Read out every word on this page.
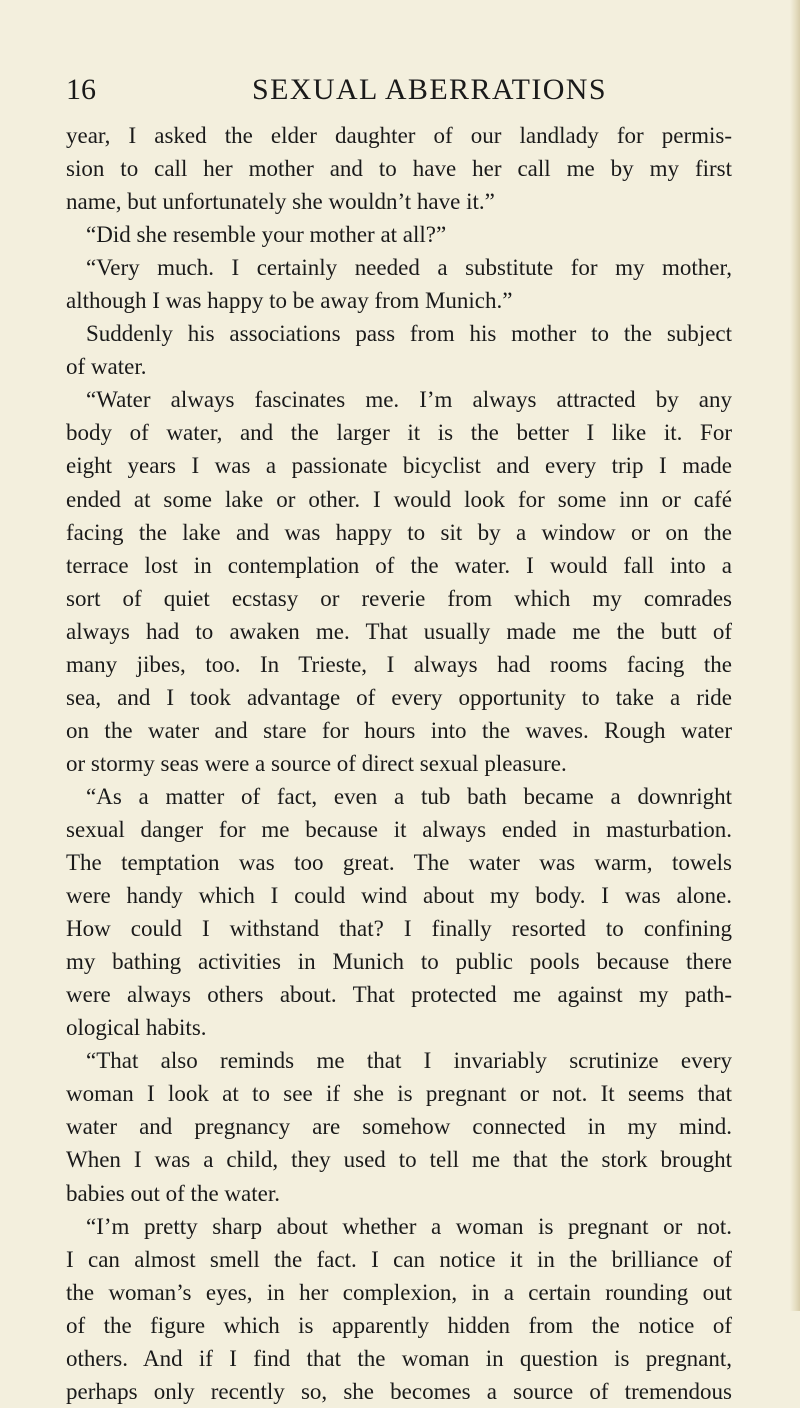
16	SEXUAL ABERRATIONS
year, I asked the elder daughter of our landlady for permis-
sion to call her mother and to have her call me by my first
name, but unfortunately she wouldn’t have it.”
“Did she resemble your mother at all?”
“Very much. I certainly needed a substitute for my mother,
although I was happy to be away from Munich.”
Suddenly his associations pass from his mother to the subject
of water.
“Water always fascinates me. I’m always attracted by any
body of water, and the larger it is the better I like it. For
eight years I was a passionate bicyclist and every trip I made
ended at some lake or other. I would look for some inn or café
facing the lake and was happy to sit by a window or on the
terrace lost in contemplation of the water. I would fall into a
sort of quiet ecstasy or reverie from which my comrades
always had to awaken me. That usually made me the butt of
many jibes, too. In Trieste, I always had rooms facing the
sea, and I took advantage of every opportunity to take a ride
on the water and stare for hours into the waves. Rough water
or stormy seas were a source of direct sexual pleasure.
“As a matter of fact, even a tub bath became a downright
sexual danger for me because it always ended in masturbation.
The temptation was too great. The water was warm, towels
were handy which I could wind about my body. I was alone.
How could I withstand that? I finally resorted to confining
my bathing activities in Munich to public pools because there
were always others about. That protected me against my path-
ological habits.
“That also reminds me that I invariably scrutinize every
woman I look at to see if she is pregnant or not. It seems that
water and pregnancy are somehow connected in my mind.
When I was a child, they used to tell me that the stork brought
babies out of the water.
“I’m pretty sharp about whether a woman is pregnant or not.
I can almost smell the fact. I can notice it in the brilliance of
the woman’s eyes, in her complexion, in a certain rounding out
of the figure which is apparently hidden from the notice of
others. And if I find that the woman in question is pregnant,
perhaps only recently so, she becomes a source of tremendous
